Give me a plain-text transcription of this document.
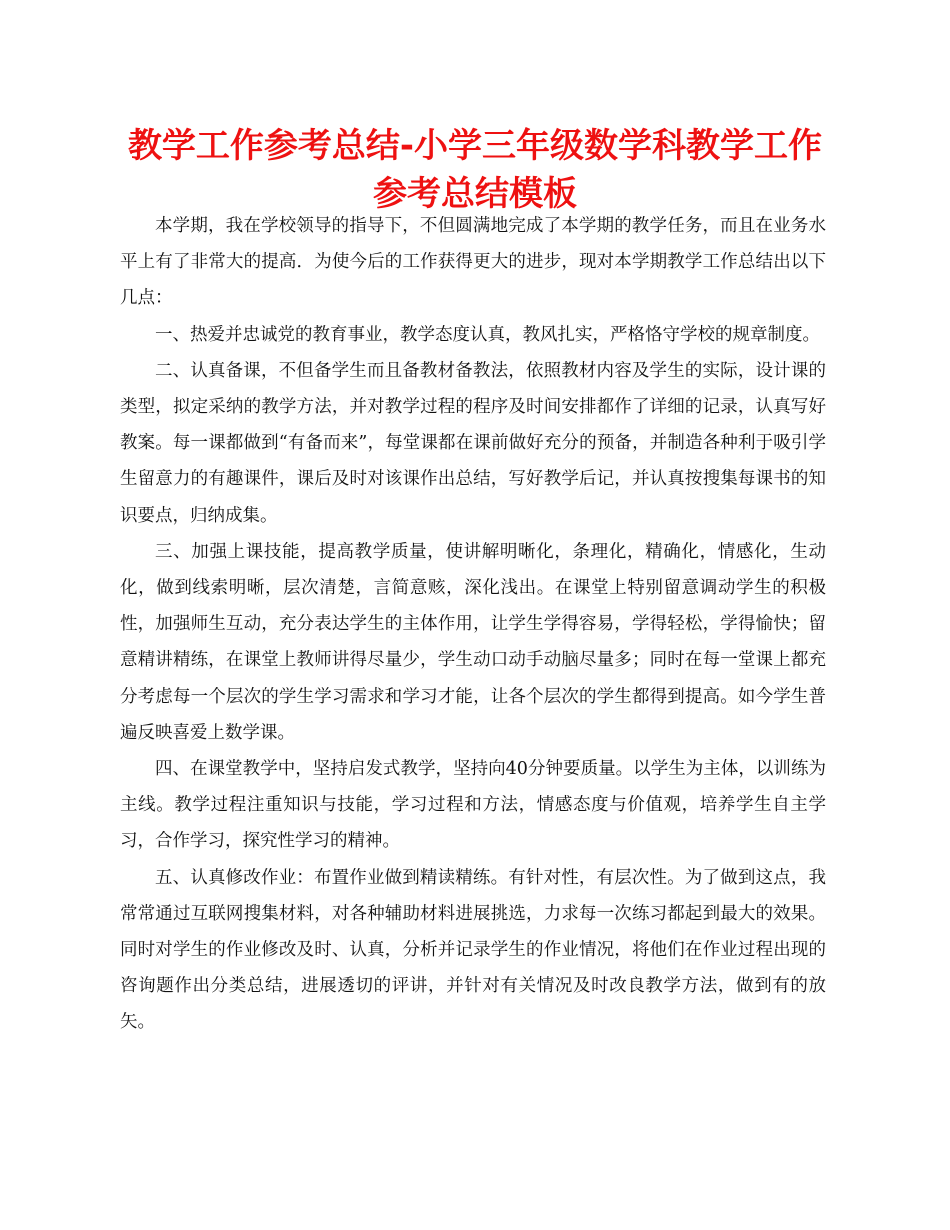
教学工作参考总结-小学三年级数学科教学工作参考总结模板

本学期，我在学校领导的指导下，不但圆满地完成了本学期的教学任务，而且在业务水平上有了非常大的提高．为使今后的工作获得更大的进步，现对本学期教学工作总结出以下几点：

一、热爱并忠诚党的教育事业，教学态度认真，教风扎实，严格恪守学校的规章制度。

二、认真备课，不但备学生而且备教材备教法，依照教材内容及学生的实际，设计课的类型，拟定采纳的教学方法，并对教学过程的程序及时间安排都作了详细的记录，认真写好教案。每一课都做到“有备而来”，每堂课都在课前做好充分的预备，并制造各种利于吸引学生留意力的有趣课件，课后及时对该课作出总结，写好教学后记，并认真按搜集每课书的知识要点，归纳成集。

三、加强上课技能，提高教学质量，使讲解明晰化，条理化，精确化，情感化，生动化，做到线索明晰，层次清楚，言简意赅，深化浅出。在课堂上特别留意调动学生的积极性，加强师生互动，充分表达学生的主体作用，让学生学得容易，学得轻松，学得愉快；留意精讲精练，在课堂上教师讲得尽量少，学生动口动手动脑尽量多；同时在每一堂课上都充分考虑每一个层次的学生学习需求和学习才能，让各个层次的学生都得到提高。如今学生普遍反映喜爱上数学课。

四、在课堂教学中，坚持启发式教学，坚持向40分钟要质量。以学生为主体，以训练为主线。教学过程注重知识与技能，学习过程和方法，情感态度与价值观，培养学生自主学习，合作学习，探究性学习的精神。

五、认真修改作业：布置作业做到精读精练。有针对性，有层次性。为了做到这点，我常常通过互联网搜集材料，对各种辅助材料进展挑选，力求每一次练习都起到最大的效果。同时对学生的作业修改及时、认真，分析并记录学生的作业情况，将他们在作业过程出现的咨询题作出分类总结，进展透切的评讲，并针对有关情况及时改良教学方法，做到有的放矢。
